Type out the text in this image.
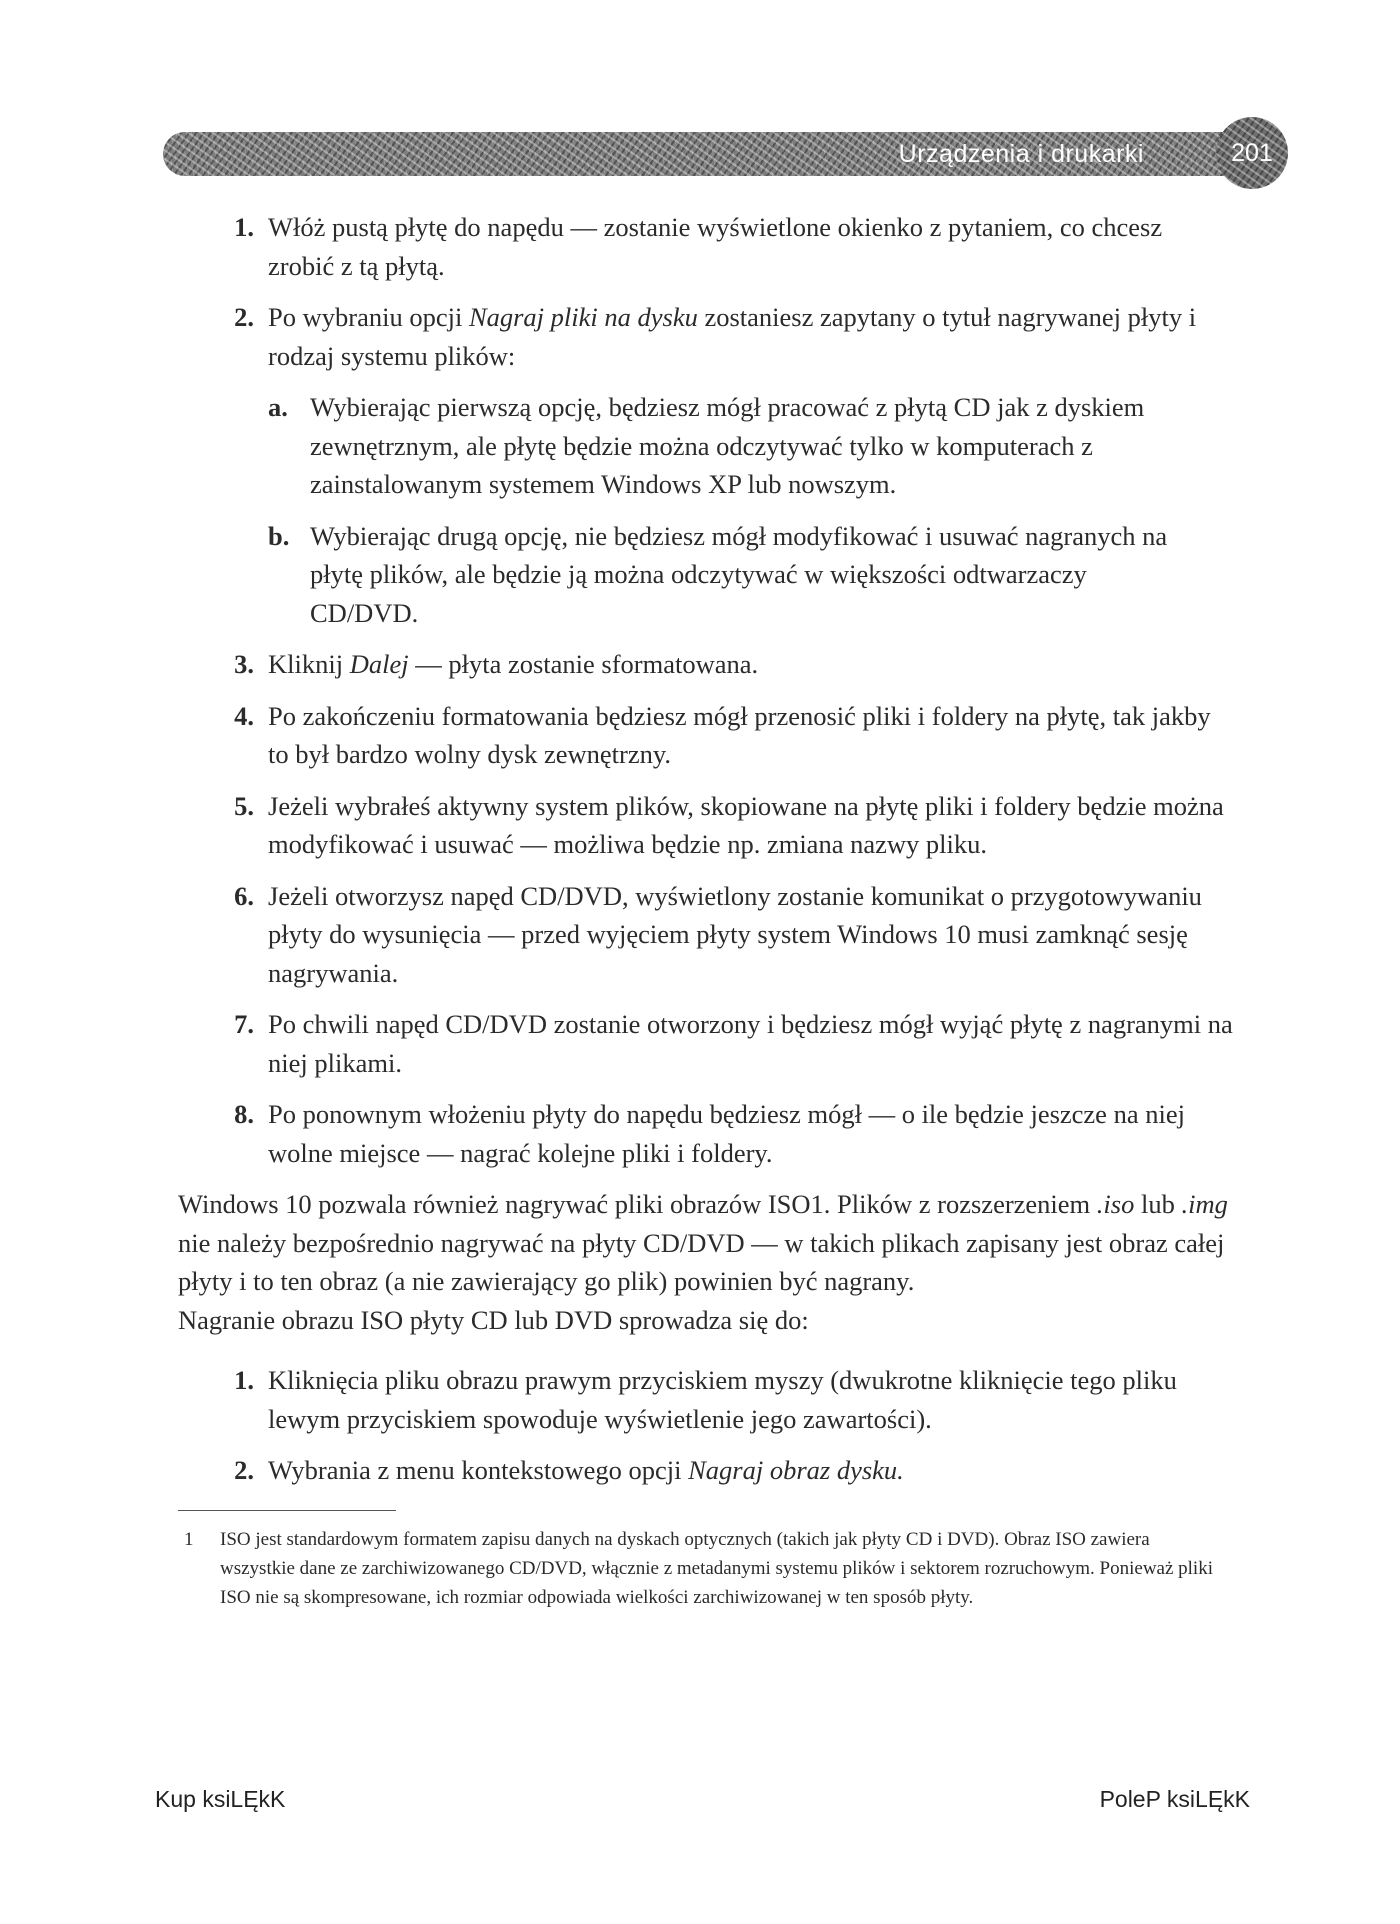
Urządzenia i drukarki	201
1. Włóż pustą płytę do napędu — zostanie wyświetlone okienko z pytaniem, co chcesz zrobić z tą płytą.
2. Po wybraniu opcji Nagraj pliki na dysku zostaniesz zapytany o tytuł nagrywanej płyty i rodzaj systemu plików:
a. Wybierając pierwszą opcję, będziesz mógł pracować z płytą CD jak z dyskiem zewnętrznym, ale płytę będzie można odczytywać tylko w komputerach z zainstalowanym systemem Windows XP lub nowszym.
b. Wybierając drugą opcję, nie będziesz mógł modyfikować i usuwać nagranych na płytę plików, ale będzie ją można odczytywać w większości odtwarzaczy CD/DVD.
3. Kliknij Dalej — płyta zostanie sformatowana.
4. Po zakończeniu formatowania będziesz mógł przenosić pliki i foldery na płytę, tak jakby to był bardzo wolny dysk zewnętrzny.
5. Jeżeli wybrałeś aktywny system plików, skopiowane na płytę pliki i foldery będzie można modyfikować i usuwać — możliwa będzie np. zmiana nazwy pliku.
6. Jeżeli otworzysz napęd CD/DVD, wyświetlony zostanie komunikat o przygotowywaniu płyty do wysunięcia — przed wyjęciem płyty system Windows 10 musi zamknąć sesję nagrywania.
7. Po chwili napęd CD/DVD zostanie otworzony i będziesz mógł wyjąć płytę z nagranymi na niej plikami.
8. Po ponownym włożeniu płyty do napędu będziesz mógł — o ile będzie jeszcze na niej wolne miejsce — nagrać kolejne pliki i foldery.

Windows 10 pozwala również nagrywać pliki obrazów ISO1. Plików z rozszerzeniem .iso lub .img nie należy bezpośrednio nagrywać na płyty CD/DVD — w takich plikach zapisany jest obraz całej płyty i to ten obraz (a nie zawierający go plik) powinien być nagrany.

Nagranie obrazu ISO płyty CD lub DVD sprowadza się do:

1. Kliknięcia pliku obrazu prawym przyciskiem myszy (dwukrotne kliknięcie tego pliku lewym przyciskiem spowoduje wyświetlenie jego zawartości).
2. Wybrania z menu kontekstowego opcji Nagraj obraz dysku.
1 ISO jest standardowym formatem zapisu danych na dyskach optycznych (takich jak płyty CD i DVD). Obraz ISO zawiera wszystkie dane ze zarchiwizowanego CD/DVD, włącznie z metadanymi systemu plików i sektorem rozruchowym. Ponieważ pliki ISO nie są skompresowane, ich rozmiar odpowiada wielkości zarchiwizowanej w ten sposób płyty.
Kup ksiLĘkK	PoleP ksiLĘkK
